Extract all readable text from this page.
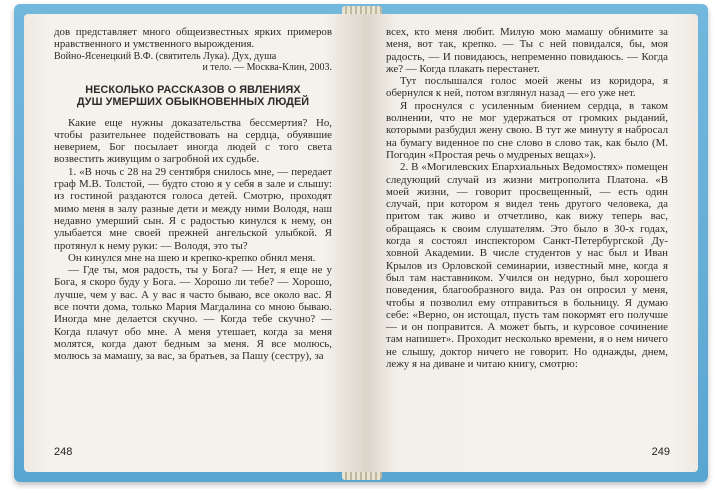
дов представляет много общеизвестных ярких примеров нравственного и умственного вырождения.

Войно-Ясенецкий В.Ф. (святитель Лука). Дух, душа

и тело. — Москва-Клин, 2003.

НЕСКОЛЬКО РАССКАЗОВ О ЯВЛЕНИЯХ
ДУШ УМЕРШИХ ОБЫКНОВЕННЫХ ЛЮДЕЙ

Какие еще нужны доказательства бессмертия? Но, чтобы разительнее подействовать на сердца, обуявшие неверием, Бог посылает иногда людей с того света возвестить живущим о загробной их судьбе.

1. «В ночь с 28 на 29 сентября снилось мне, — передает граф М.В. Толстой, — будто стою я у себя в зале и слышу: из гостиной раздаются голоса детей. Смотрю, проходят мимо меня в залу разные дети и между ними Володя, наш недавно умерший сын. Я с радостью кинулся к нему, он улыбается мне своей прежней ангельской улыбкой. Я протянул к нему руки: — Володя, это ты?

Он кинулся мне на шею и крепко-крепко обнял меня.

— Где ты, моя радость, ты у Бога? — Нет, я еще не у Бога, я скоро буду у Бога. — Хорошо ли тебе? — Хорошо, лучше, чем у вас. А у вас я часто бываю, все около вас. Я все почти дома, только Мария Магдалина со мною бываю. Иногда мне делается скучно. — Когда тебе скучно? — Когда плачут обо мне. А меня утешает, когда за меня молятся, когда дают бедным за меня. Я все молюсь, молюсь за мамашу, за вас, за братьев, за Пашу (сестру), за

248

всех, кто меня любит. Милую мою мамашу обнимите за меня, вот так, крепко. — Ты с ней повидался, бы, моя радость, — И повидаюсь, непременно повидаюсь. — Когда же? — Когда плакать перестанет.

Тут послышался голос моей жены из коридора, я обернулся к ней, потом взглянул назад — его уже нет.

Я проснулся с усиленным биением сердца, в таком волнении, что не мог удержаться от громких рыданий, которыми разбудил жену свою. В тут же минуту я набросал на бумагу виденное по сне слово в слово так, как было (М. Погодин «Простая речь о мудреных вещах»).

2. В «Могилевских Епархиальных Ведомостях» помещен следующий случай из жизни митрополита Платона. «В моей жизни, — говорит просвещенный, — есть один случай, при котором я видел тень другого человека, да притом так живо и отчетливо, как вижу теперь вас, обращаясь к своим слушателям. Это было в 30-х годах, когда я состоял инспектором Санкт-Петербургской Духовной Академии. В числе студентов у нас был и Иван Крылов из Орловской семинарии, известный мне, когда я был там наставником. Учился он недурно, был хорошего поведения, благообразного вида. Раз он опросил у меня, чтобы я позволил ему отправиться в больницу. Я думаю себе: «Верно, он истощал, пусть там покормят его получше — и он поправится. А может быть, и курсовое сочинение там напишет». Проходит несколько времени, я о нем ничего не слышу, доктор ничего не говорит. Но однажды, днем, лежу я на диване и читаю книгу, смотрю:

249
